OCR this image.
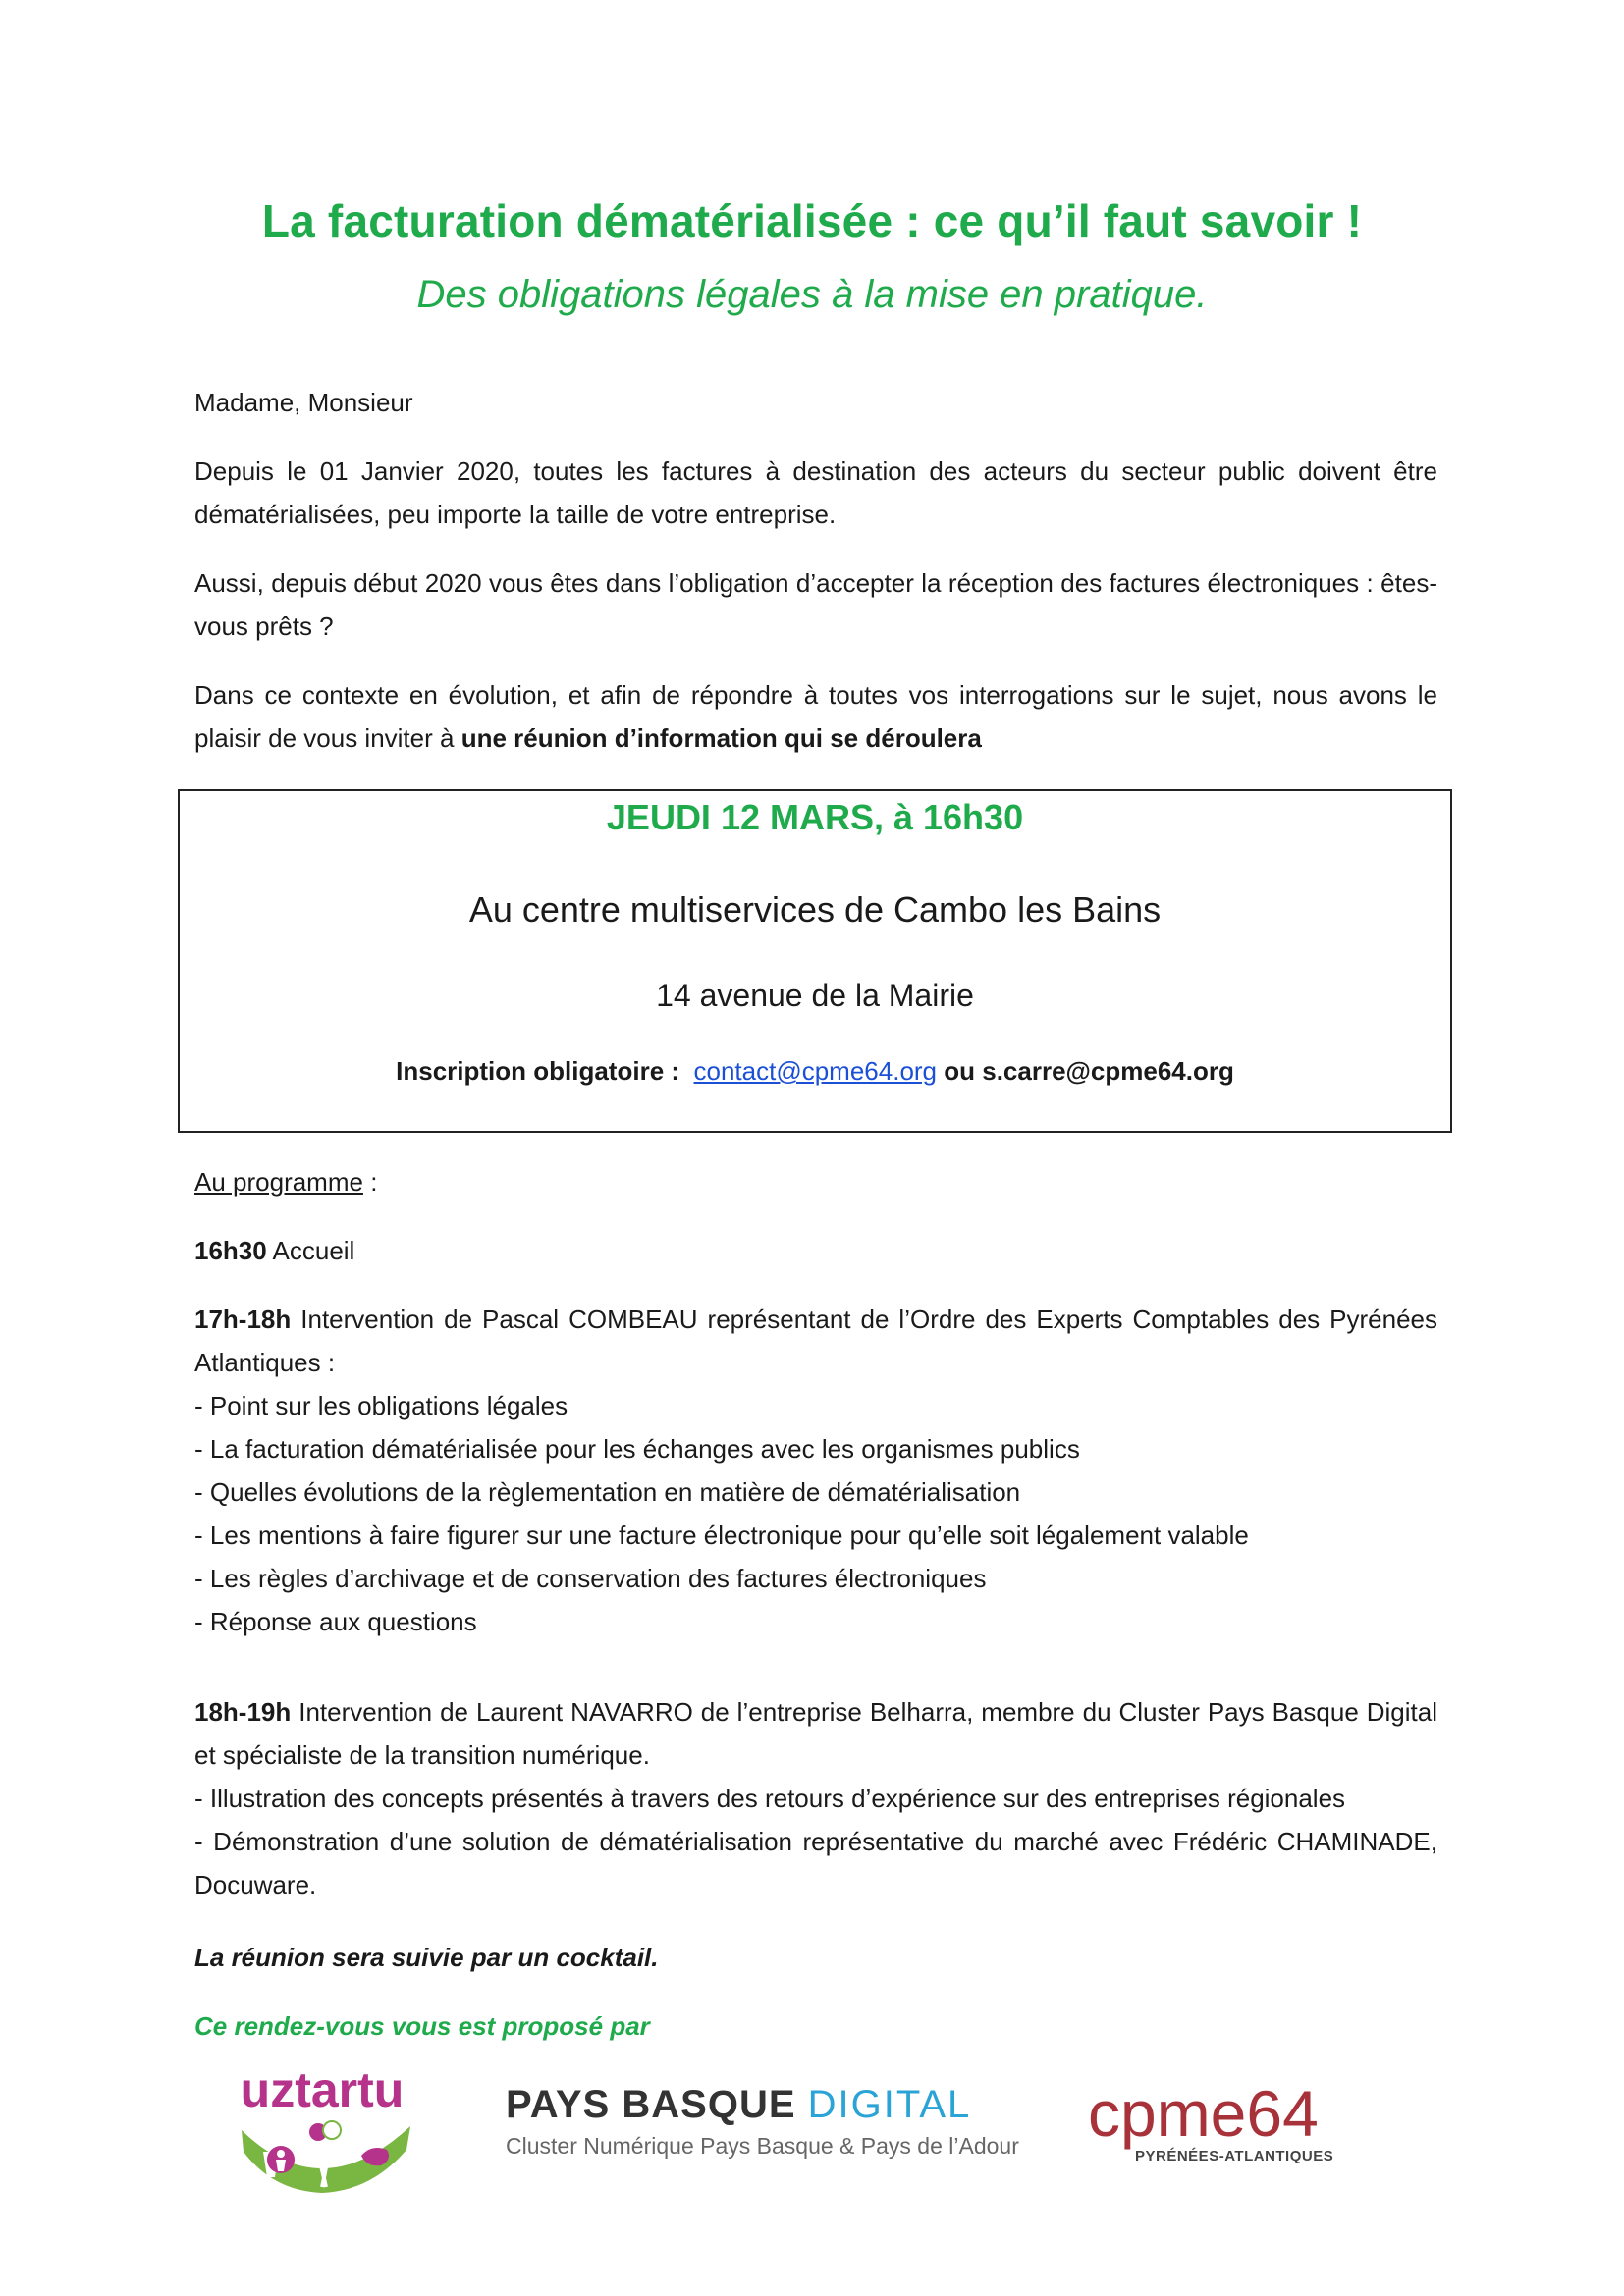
La facturation dématérialisée : ce qu’il faut savoir !
Des obligations légales à la mise en pratique.

Madame, Monsieur

Depuis le 01 Janvier 2020, toutes les factures à destination des acteurs du secteur public doivent être dématérialisées, peu importe la taille de votre entreprise.

Aussi, depuis début 2020 vous êtes dans l’obligation d’accepter la réception des factures électroniques : êtes-vous prêts ?

Dans ce contexte en évolution, et afin de répondre à toutes vos interrogations sur le sujet, nous avons le plaisir de vous inviter à une réunion d’information qui se déroulera

JEUDI 12 MARS, à 16h30
Au centre multiservices de Cambo les Bains
14 avenue de la Mairie
Inscription obligatoire : contact@cpme64.org ou s.carre@cpme64.org

Au programme :

16h30 Accueil

17h-18h Intervention de Pascal COMBEAU représentant de l’Ordre des Experts Comptables des Pyrénées Atlantiques :

- Point sur les obligations légales

- La facturation dématérialisée pour les échanges avec les organismes publics

- Quelles évolutions de la règlementation en matière de dématérialisation

- Les mentions à faire figurer sur une facture électronique pour qu’elle soit légalement valable

- Les règles d’archivage et de conservation des factures électroniques

- Réponse aux questions

18h-19h Intervention de Laurent NAVARRO de l’entreprise Belharra, membre du Cluster Pays Basque Digital et spécialiste de la transition numérique.

- Illustration des concepts présentés à travers des retours d’expérience sur des entreprises régionales

- Démonstration d’une solution de dématérialisation représentative du marché avec Frédéric CHAMINADE, Docuware.

La réunion sera suivie par un cocktail.

Ce rendez-vous vous est proposé par

uztartu	PAYS BASQUE DIGITAL
Cluster Numérique Pays Basque & Pays de l’Adour cpme64
PYRÉNÉES-ATLANTIQUES
